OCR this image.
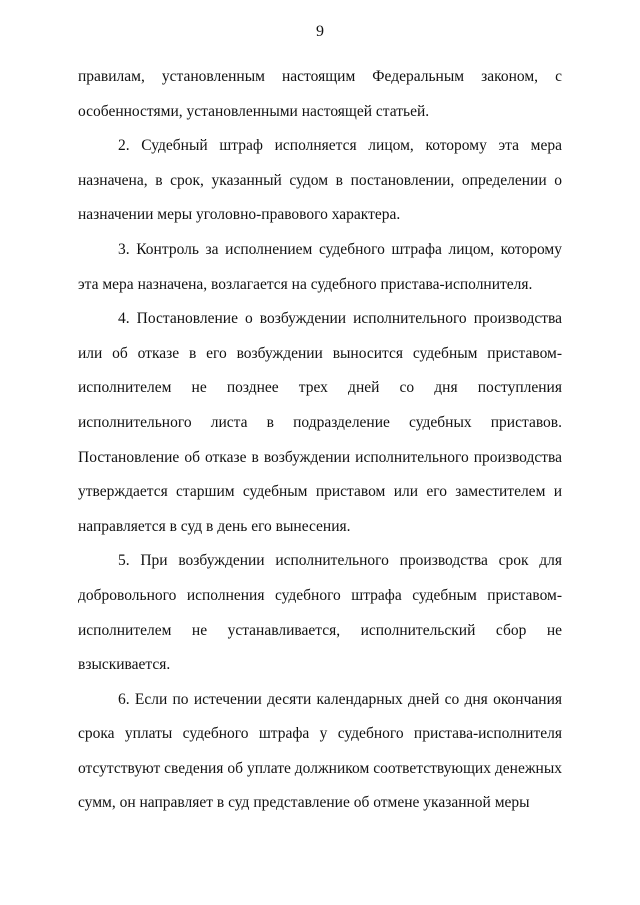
9

правилам, установленным настоящим Федеральным законом, с особенностями, установленными настоящей статьей.

2. Судебный штраф исполняется лицом, которому эта мера назначена, в срок, указанный судом в постановлении, определении о назначении меры уголовно-правового характера.

3. Контроль за исполнением судебного штрафа лицом, которому эта мера назначена, возлагается на судебного пристава-исполнителя.

4. Постановление о возбуждении исполнительного производства или об отказе в его возбуждении выносится судебным приставом-исполнителем не позднее трех дней со дня поступления исполнительного листа в подразделение судебных приставов. Постановление об отказе в возбуждении исполнительного производства утверждается старшим судебным приставом или его заместителем и направляется в суд в день его вынесения.

5. При возбуждении исполнительного производства срок для добровольного исполнения судебного штрафа судебным приставом-исполнителем не устанавливается, исполнительский сбор не взыскивается.

6. Если по истечении десяти календарных дней со дня окончания срока уплаты судебного штрафа у судебного пристава-исполнителя отсутствуют сведения об уплате должником соответствующих денежных сумм, он направляет в суд представление об отмене указанной меры
